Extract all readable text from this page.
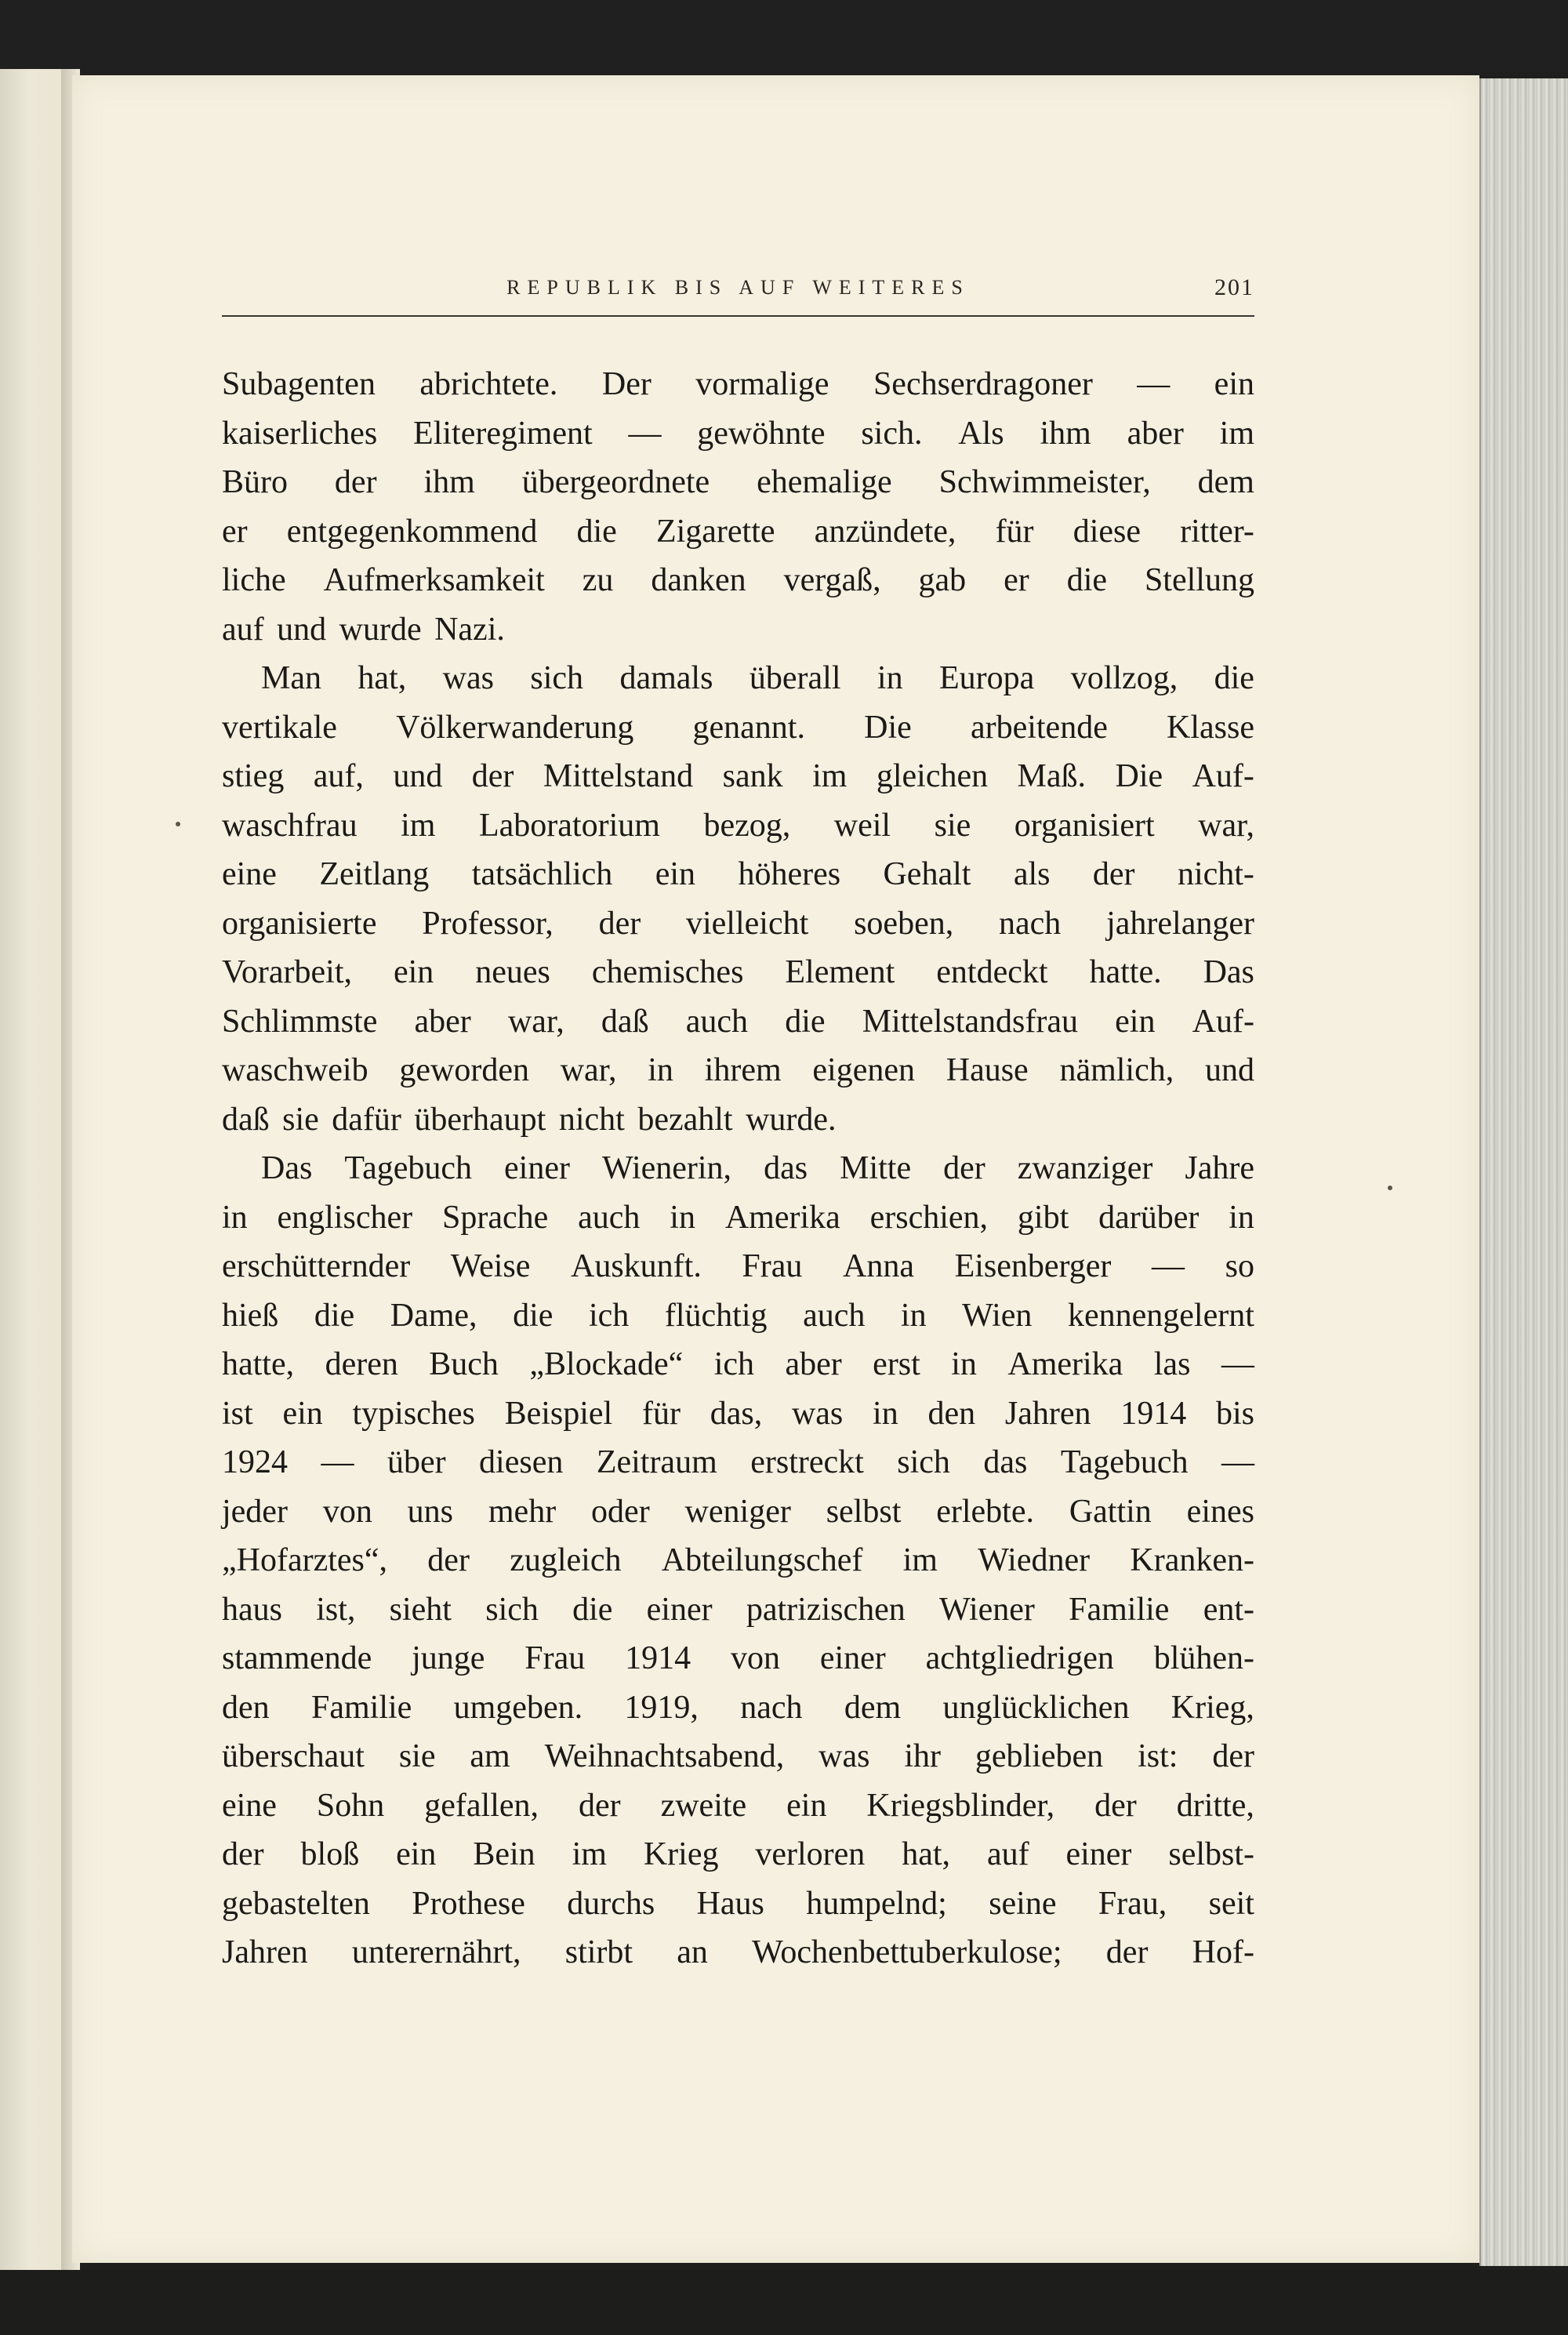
REPUBLIK BIS AUF WEITERES	201
Subagenten abrichtete. Der vormalige Sechserdragoner — ein
kaiserliches Eliteregiment — gewöhnte sich. Als ihm aber im
Büro der ihm übergeordnete ehemalige Schwimmeister, dem
er entgegenkommend die Zigarette anzündete, für diese ritter-
liche Aufmerksamkeit zu danken vergaß, gab er die Stellung
auf und wurde Nazi.
Man hat, was sich damals überall in Europa vollzog, die
vertikale Völkerwanderung genannt. Die arbeitende Klasse
stieg auf, und der Mittelstand sank im gleichen Maß. Die Auf-
waschfrau im Laboratorium bezog, weil sie organisiert war,
eine Zeitlang tatsächlich ein höheres Gehalt als der nicht-
organisierte Professor, der vielleicht soeben, nach jahrelanger
Vorarbeit, ein neues chemisches Element entdeckt hatte. Das
Schlimmste aber war, daß auch die Mittelstandsfrau ein Auf-
waschweib geworden war, in ihrem eigenen Hause nämlich, und
daß sie dafür überhaupt nicht bezahlt wurde.
Das Tagebuch einer Wienerin, das Mitte der zwanziger Jahre
in englischer Sprache auch in Amerika erschien, gibt darüber in
erschütternder Weise Auskunft. Frau Anna Eisenberger — so
hieß die Dame, die ich flüchtig auch in Wien kennengelernt
hatte, deren Buch „Blockade“ ich aber erst in Amerika las —
ist ein typisches Beispiel für das, was in den Jahren 1914 bis
1924 — über diesen Zeitraum erstreckt sich das Tagebuch —
jeder von uns mehr oder weniger selbst erlebte. Gattin eines
„Hofarztes“, der zugleich Abteilungschef im Wiedner Kranken-
haus ist, sieht sich die einer patrizischen Wiener Familie ent-
stammende junge Frau 1914 von einer achtgliedrigen blühen-
den Familie umgeben. 1919, nach dem unglücklichen Krieg,
überschaut sie am Weihnachtsabend, was ihr geblieben ist: der
eine Sohn gefallen, der zweite ein Kriegsblinder, der dritte,
der bloß ein Bein im Krieg verloren hat, auf einer selbst-
gebastelten Prothese durchs Haus humpelnd; seine Frau, seit
Jahren unterernährt, stirbt an Wochenbettuberkulose; der Hof-
